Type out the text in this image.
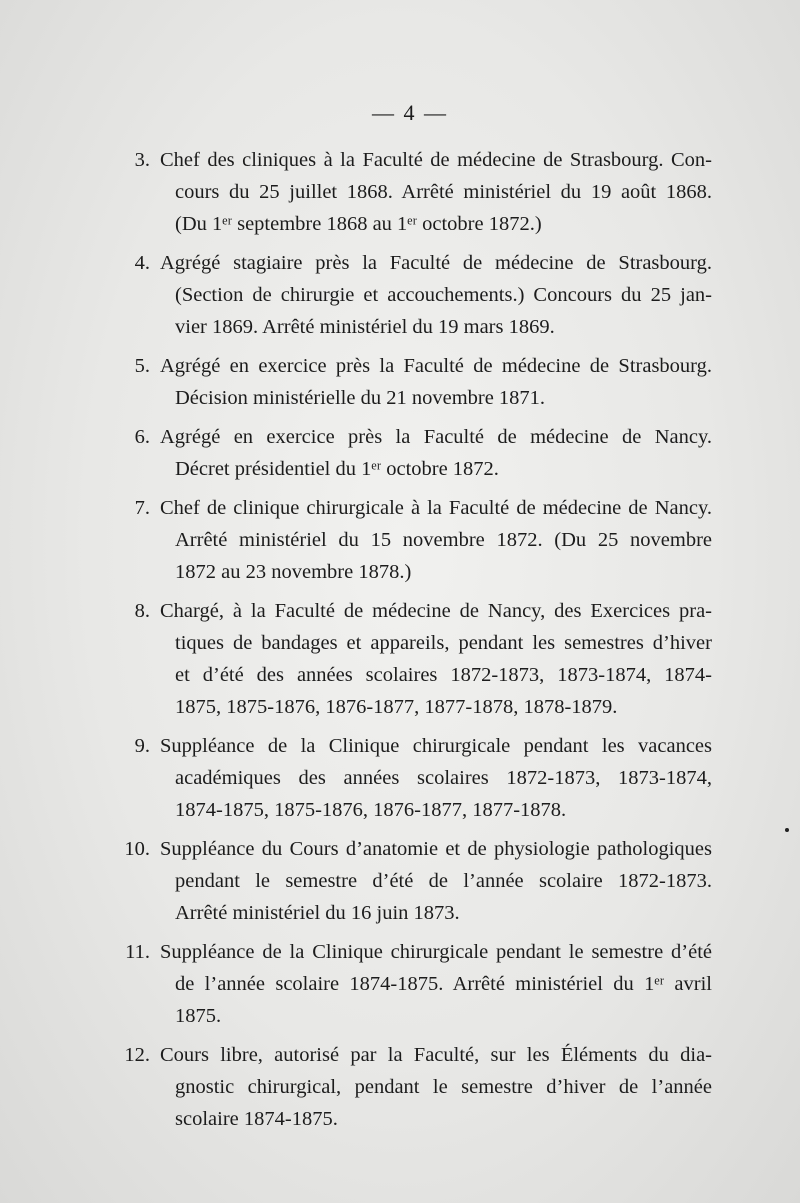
— 4 —
3. Chef des cliniques à la Faculté de médecine de Strasbourg. Con-
cours du 25 juillet 1868. Arrêté ministériel du 19 août 1868.
(Du 1ᵉʳ septembre 1868 au 1ᵉʳ octobre 1872.)
4. Agrégé stagiaire près la Faculté de médecine de Strasbourg.
(Section de chirurgie et accouchements.) Concours du 25 jan-
vier 1869. Arrêté ministériel du 19 mars 1869.
5. Agrégé en exercice près la Faculté de médecine de Strasbourg.
Décision ministérielle du 21 novembre 1871.
6. Agrégé en exercice près la Faculté de médecine de Nancy.
Décret présidentiel du 1ᵉʳ octobre 1872.
7. Chef de clinique chirurgicale à la Faculté de médecine de Nancy.
Arrêté ministériel du 15 novembre 1872. (Du 25 novembre
1872 au 23 novembre 1878.)
8. Chargé, à la Faculté de médecine de Nancy, des Exercices pra-
tiques de bandages et appareils, pendant les semestres d’hiver
et d’été des années scolaires 1872-1873, 1873-1874, 1874-
1875, 1875-1876, 1876-1877, 1877-1878, 1878-1879.
9. Suppléance de la Clinique chirurgicale pendant les vacances
académiques des années scolaires 1872-1873, 1873-1874,
1874-1875, 1875-1876, 1876-1877, 1877-1878.
10. Suppléance du Cours d’anatomie et de physiologie pathologiques
pendant le semestre d’été de l’année scolaire 1872-1873.
Arrêté ministériel du 16 juin 1873.
11. Suppléance de la Clinique chirurgicale pendant le semestre d’été
de l’année scolaire 1874-1875. Arrêté ministériel du 1ᵉʳ avril
1875.
12. Cours libre, autorisé par la Faculté, sur les Éléments du dia-
gnostic chirurgical, pendant le semestre d’hiver de l’année
scolaire 1874-1875.
